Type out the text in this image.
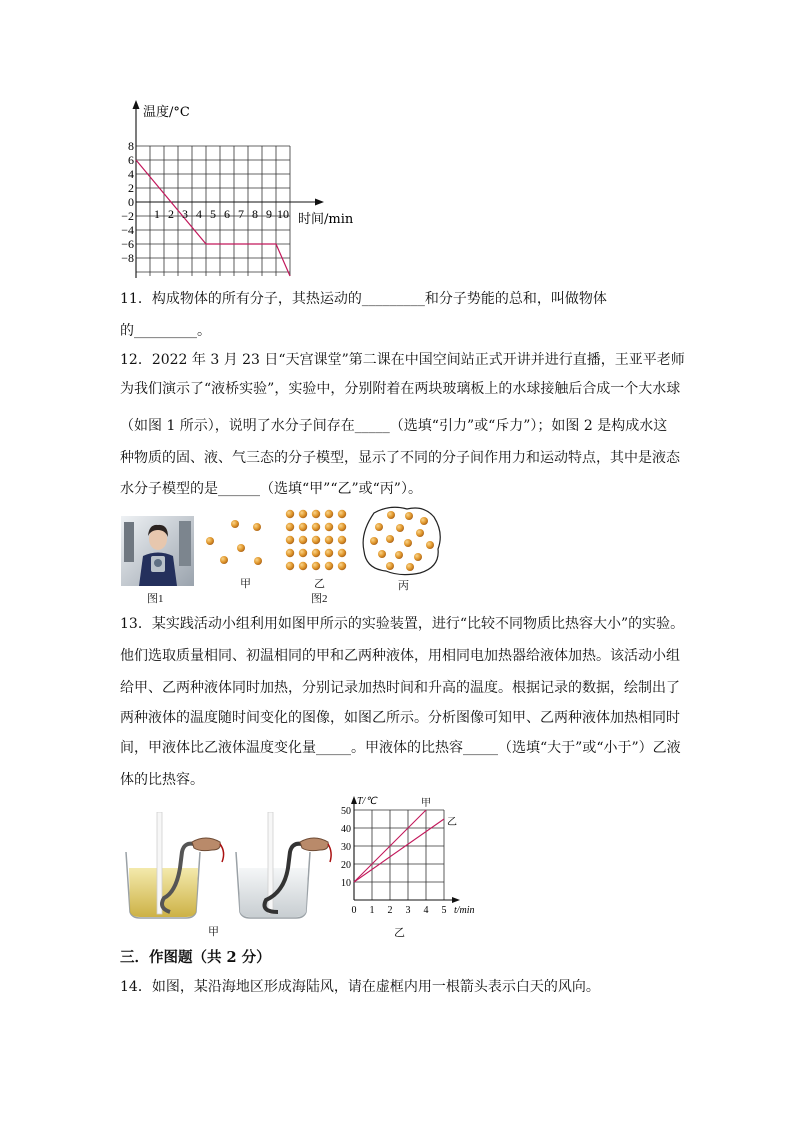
温度/°C
时间/min
8
6
4
2
0
−2
−4
−6
−8
1 2 3 4 5 6 7 8 9 10
11．构成物体的所有分子，其热运动的_________和分子势能的总和，叫做物体
的_________。
12．2022 年 3 月 23 日“天宫课堂”第二课在中国空间站正式开讲并进行直播，王亚平老师
为我们演示了“液桥实验”，实验中，分别附着在两块玻璃板上的水球接触后合成一个大水球
（如图 1 所示），说明了水分子间存在_____（选填“引力”或“斥力”）；如图 2 是构成水这
种物质的固、液、气三态的分子模型，显示了不同的分子间作用力和运动特点，其中是液态
水分子模型的是______（选填“甲”“乙”或“丙”）。
甲	乙	丙
图1	图2
13．某实践活动小组利用如图甲所示的实验装置，进行“比较不同物质比热容大小”的实验。
他们选取质量相同、初温相同的甲和乙两种液体，用相同电加热器给液体加热。该活动小组
给甲、乙两种液体同时加热，分别记录加热时间和升高的温度。根据记录的数据，绘制出了
两种液体的温度随时间变化的图像，如图乙所示。分析图像可知甲、乙两种液体加热相同时
间，甲液体比乙液体温度变化量_____。甲液体的比热容_____（选填“大于”或“小于”）乙液
体的比热容。
甲
T/℃	甲
乙
50
40
30
20
10
0 1 2 3 4 5 t/min
乙
三．作图题（共 2 分）
14．如图，某沿海地区形成海陆风，请在虚框内用一根箭头表示白天的风向。
